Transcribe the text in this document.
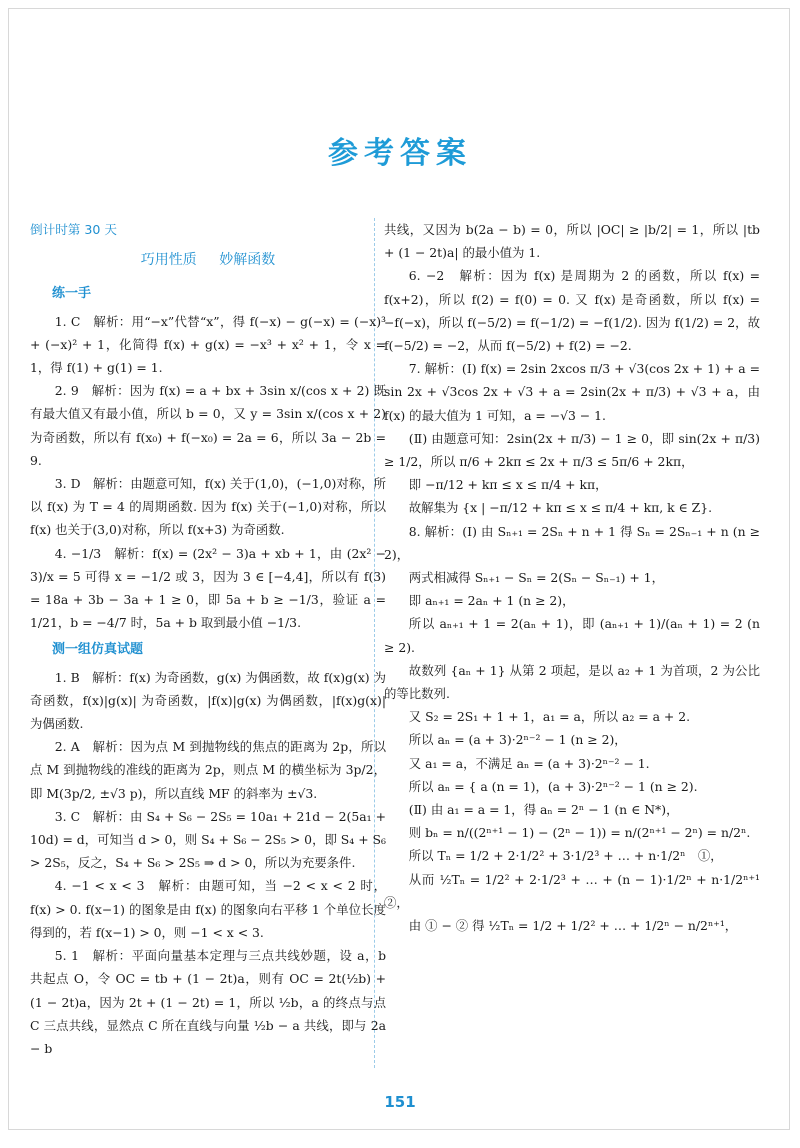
参考答案
倒计时第 30 天
巧用性质 妙解函数
练一手

1. C　解析：用“−x”代替“x”，得 f(−x) − g(−x) = (−x)³ + (−x)² + 1，化简得 f(x) + g(x) = −x³ + x² + 1，令 x = 1，得 f(1) + g(1) = 1.

2. 9　解析：因为 f(x) = a + bx + 3sin x/(cos x + 2) 既有最大值又有最小值，所以 b = 0，又 y = 3sin x/(cos x + 2) 为奇函数，所以有 f(x₀) + f(−x₀) = 2a = 6，所以 3a − 2b = 9.

3. D　解析：由题意可知，f(x) 关于(1,0)，(−1,0)对称，所以 f(x) 为 T = 4 的周期函数. 因为 f(x) 关于(−1,0)对称，所以 f(x) 也关于(3,0)对称，所以 f(x+3) 为奇函数.

4. −1/3　解析：f(x) = (2x² − 3)a + xb + 1，由 (2x² − 3)/x = 5 可得 x = −1/2 或 3，因为 3 ∈ [−4,4]，所以有 f(3) = 18a + 3b − 3a + 1 ≥ 0，即 5a + b ≥ −1/3，验证 a = 1/21，b = −4/7 时，5a + b 取到最小值 −1/3.

测一组仿真试题

1. B　解析：f(x) 为奇函数，g(x) 为偶函数，故 f(x)g(x) 为奇函数，f(x)|g(x)| 为奇函数，|f(x)|g(x) 为偶函数，|f(x)g(x)| 为偶函数.

2. A　解析：因为点 M 到抛物线的焦点的距离为 2p，所以点 M 到抛物线的准线的距离为 2p，则点 M 的横坐标为 3p/2，即 M(3p/2, ±√3 p)，所以直线 MF 的斜率为 ±√3.

3. C　解析：由 S₄ + S₆ − 2S₅ = 10a₁ + 21d − 2(5a₁ + 10d) = d，可知当 d > 0，则 S₄ + S₆ − 2S₅ > 0，即 S₄ + S₆ > 2S₅，反之，S₄ + S₆ > 2S₅ ⇒ d > 0，所以为充要条件.

4. −1 < x < 3　解析：由题可知，当 −2 < x < 2 时，f(x) > 0. f(x−1) 的图象是由 f(x) 的图象向右平移 1 个单位长度得到的，若 f(x−1) > 0，则 −1 < x < 3.

5. 1　解析：平面向量基本定理与三点共线妙题，设 a，b 共起点 O，令 OC = tb + (1 − 2t)a，则有 OC = 2t(½b) + (1 − 2t)a，因为 2t + (1 − 2t) = 1，所以 ½b，a 的终点与点 C 三点共线，显然点 C 所在直线与向量 ½b − a 共线，即与 2a − b

共线，又因为 b(2a − b) = 0，所以 |OC| ≥ |b/2| = 1，所以 |tb + (1 − 2t)a| 的最小值为 1.

6. −2　解析：因为 f(x) 是周期为 2 的函数，所以 f(x) = f(x+2)，所以 f(2) = f(0) = 0. 又 f(x) 是奇函数，所以 f(x) = −f(−x)，所以 f(−5/2) = f(−1/2) = −f(1/2). 因为 f(1/2) = 2，故 f(−5/2) = −2，从而 f(−5/2) + f(2) = −2.

7. 解析：(Ⅰ) f(x) = 2sin 2xcos π/3 + √3(cos 2x + 1) + a = sin 2x + √3cos 2x + √3 + a = 2sin(2x + π/3) + √3 + a，由 f(x) 的最大值为 1 可知，a = −√3 − 1.

(Ⅱ) 由题意可知：2sin(2x + π/3) − 1 ≥ 0，即 sin(2x + π/3) ≥ 1/2，所以 π/6 + 2kπ ≤ 2x + π/3 ≤ 5π/6 + 2kπ，

即 −π/12 + kπ ≤ x ≤ π/4 + kπ，

故解集为 {x | −π/12 + kπ ≤ x ≤ π/4 + kπ, k ∈ Z}.

8. 解析：(Ⅰ) 由 Sₙ₊₁ = 2Sₙ + n + 1 得 Sₙ = 2Sₙ₋₁ + n (n ≥ 2)，

两式相减得 Sₙ₊₁ − Sₙ = 2(Sₙ − Sₙ₋₁) + 1，

即 aₙ₊₁ = 2aₙ + 1 (n ≥ 2)，

所以 aₙ₊₁ + 1 = 2(aₙ + 1)，即 (aₙ₊₁ + 1)/(aₙ + 1) = 2 (n ≥ 2).

故数列 {aₙ + 1} 从第 2 项起，是以 a₂ + 1 为首项，2 为公比的等比数列.

又 S₂ = 2S₁ + 1 + 1，a₁ = a，所以 a₂ = a + 2.

所以 aₙ = (a + 3)·2ⁿ⁻² − 1 (n ≥ 2)，

又 a₁ = a，不满足 aₙ = (a + 3)·2ⁿ⁻² − 1.

所以 aₙ = { a (n = 1)，(a + 3)·2ⁿ⁻² − 1 (n ≥ 2).

(Ⅱ) 由 a₁ = a = 1，得 aₙ = 2ⁿ − 1 (n ∈ N*)，

则 bₙ = n/((2ⁿ⁺¹ − 1) − (2ⁿ − 1)) = n/(2ⁿ⁺¹ − 2ⁿ) = n/2ⁿ.

所以 Tₙ = 1/2 + 2·1/2² + 3·1/2³ + … + n·1/2ⁿ　①，

从而 ½Tₙ = 1/2² + 2·1/2³ + … + (n − 1)·1/2ⁿ + n·1/2ⁿ⁺¹　②，

由 ① − ② 得 ½Tₙ = 1/2 + 1/2² + … + 1/2ⁿ − n/2ⁿ⁺¹，

151
